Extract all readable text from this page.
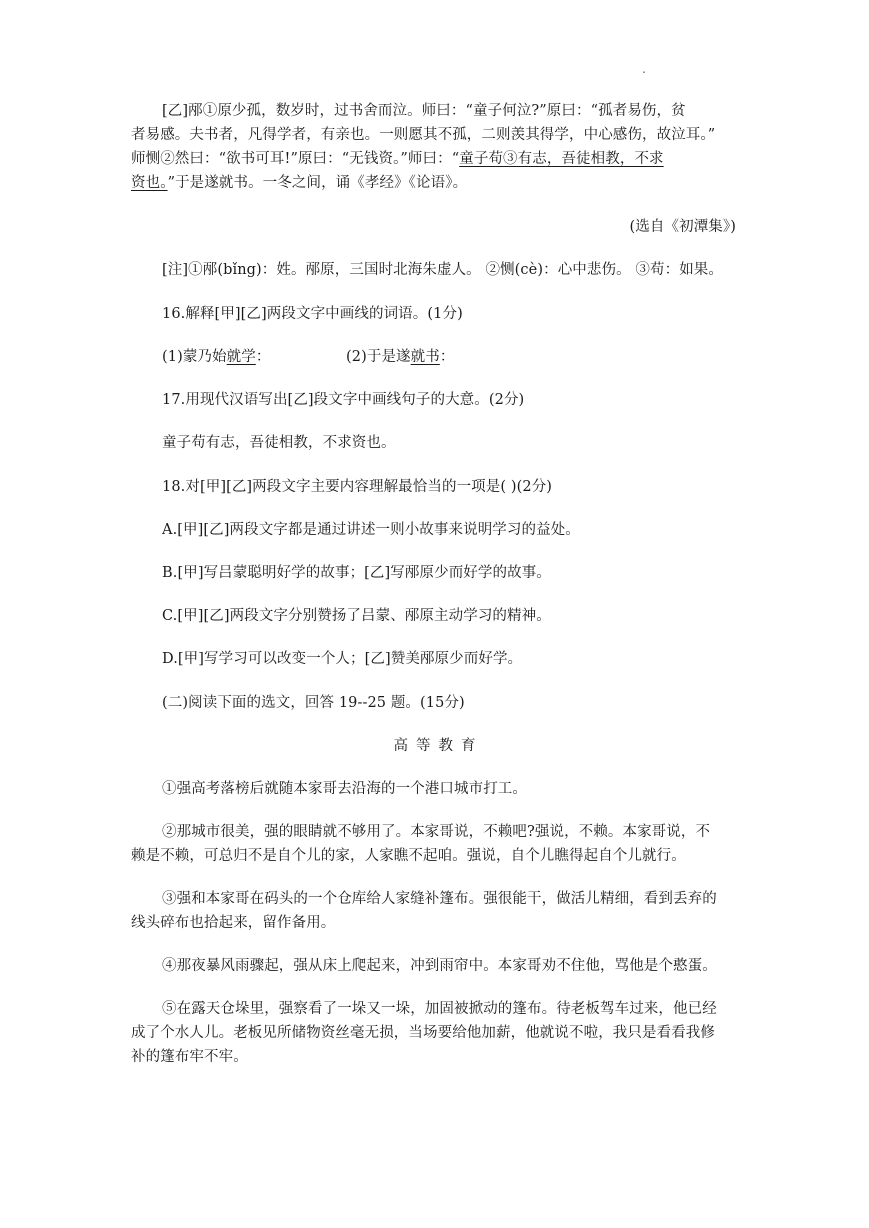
.
[乙]邴①原少孤，数岁时，过书舍而泣。师曰：“童子何泣?”原曰：“孤者易伤，贫
者易感。夫书者，凡得学者，有亲也。一则愿其不孤，二则羡其得学，中心感伤，故泣耳。”
师恻②然曰：“欲书可耳!”原曰：“无钱资。”师曰：“童子苟③有志，吾徒相教，不求
资也。”于是遂就书。一冬之间，诵《孝经》《论语》。
(选自《初潭集》)
[注]①邴(bǐng)：姓。邴原，三国时北海朱虚人。 ②恻(cè)：心中悲伤。 ③苟：如果。
16.解释[甲][乙]两段文字中画线的词语。(1分)
(1)蒙乃始就学：	(2)于是遂就书：
17.用现代汉语写出[乙]段文字中画线句子的大意。(2分)
童子苟有志，吾徒相教，不求资也。
18.对[甲][乙]两段文字主要内容理解最恰当的一项是( )(2分)
A.[甲][乙]两段文字都是通过讲述一则小故事来说明学习的益处。
B.[甲]写吕蒙聪明好学的故事；[乙]写邴原少而好学的故事。
C.[甲][乙]两段文字分别赞扬了吕蒙、邴原主动学习的精神。
D.[甲]写学习可以改变一个人；[乙]赞美邴原少而好学。
(二)阅读下面的选文，回答 19--25 题。(15分)
高等教育
①强高考落榜后就随本家哥去沿海的一个港口城市打工。
②那城市很美，强的眼睛就不够用了。本家哥说，不赖吧?强说，不赖。本家哥说，不
赖是不赖，可总归不是自个儿的家，人家瞧不起咱。强说，自个儿瞧得起自个儿就行。
③强和本家哥在码头的一个仓库给人家缝补篷布。强很能干，做活儿精细，看到丢弃的
线头碎布也拾起来，留作备用。
④那夜暴风雨骤起，强从床上爬起来，冲到雨帘中。本家哥劝不住他，骂他是个憨蛋。
⑤在露天仓垛里，强察看了一垛又一垛，加固被掀动的篷布。待老板驾车过来，他已经
成了个水人儿。老板见所储物资丝毫无损，当场要给他加薪，他就说不啦，我只是看看我修
补的篷布牢不牢。
